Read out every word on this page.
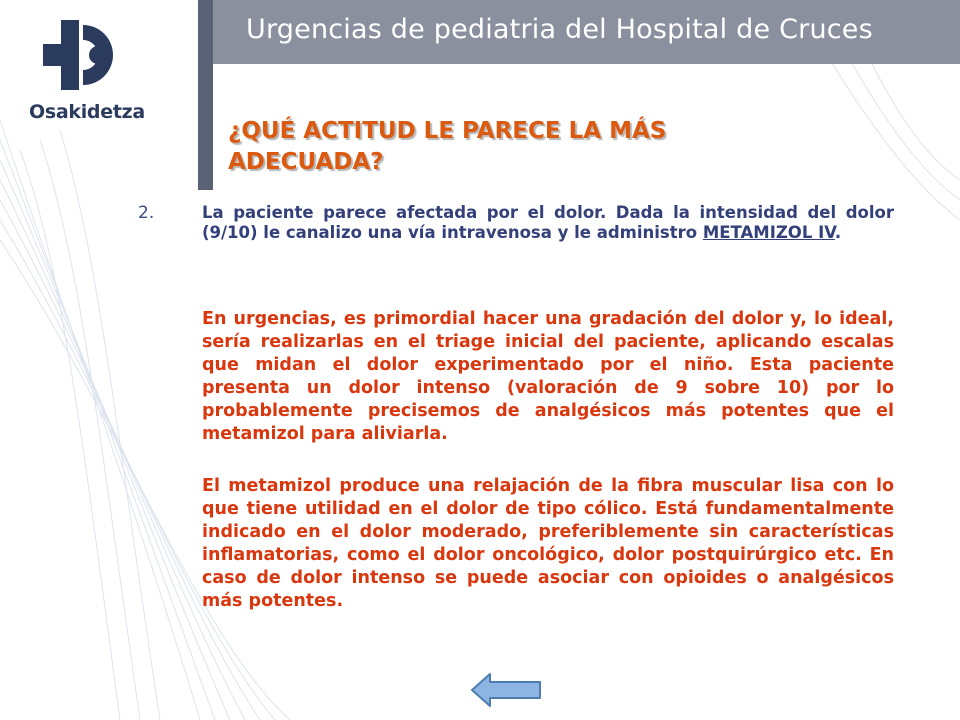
Urgencias de pediatria del Hospital de Cruces
Osakidetza
¿QUÉ ACTITUD LE PARECE LA MÁS ADECUADA?
2.	La paciente parece afectada por el dolor. Dada la intensidad del dolor (9/10) le canalizo una vía intravenosa y le administro METAMIZOL IV.
En urgencias, es primordial hacer una gradación del dolor y, lo ideal, sería realizarlas en el triage inicial del paciente, aplicando escalas que midan el dolor experimentado por el niño. Esta paciente presenta un dolor intenso (valoración de 9 sobre 10) por lo probablemente precisemos de analgésicos más potentes que el metamizol para aliviarla.
El metamizol produce una relajación de la fibra muscular lisa con lo que tiene utilidad en el dolor de tipo cólico. Está fundamentalmente indicado en el dolor moderado, preferiblemente sin características inflamatorias, como el dolor oncológico, dolor postquirúrgico etc. En caso de dolor intenso se puede asociar con opioides o analgésicos más potentes.
